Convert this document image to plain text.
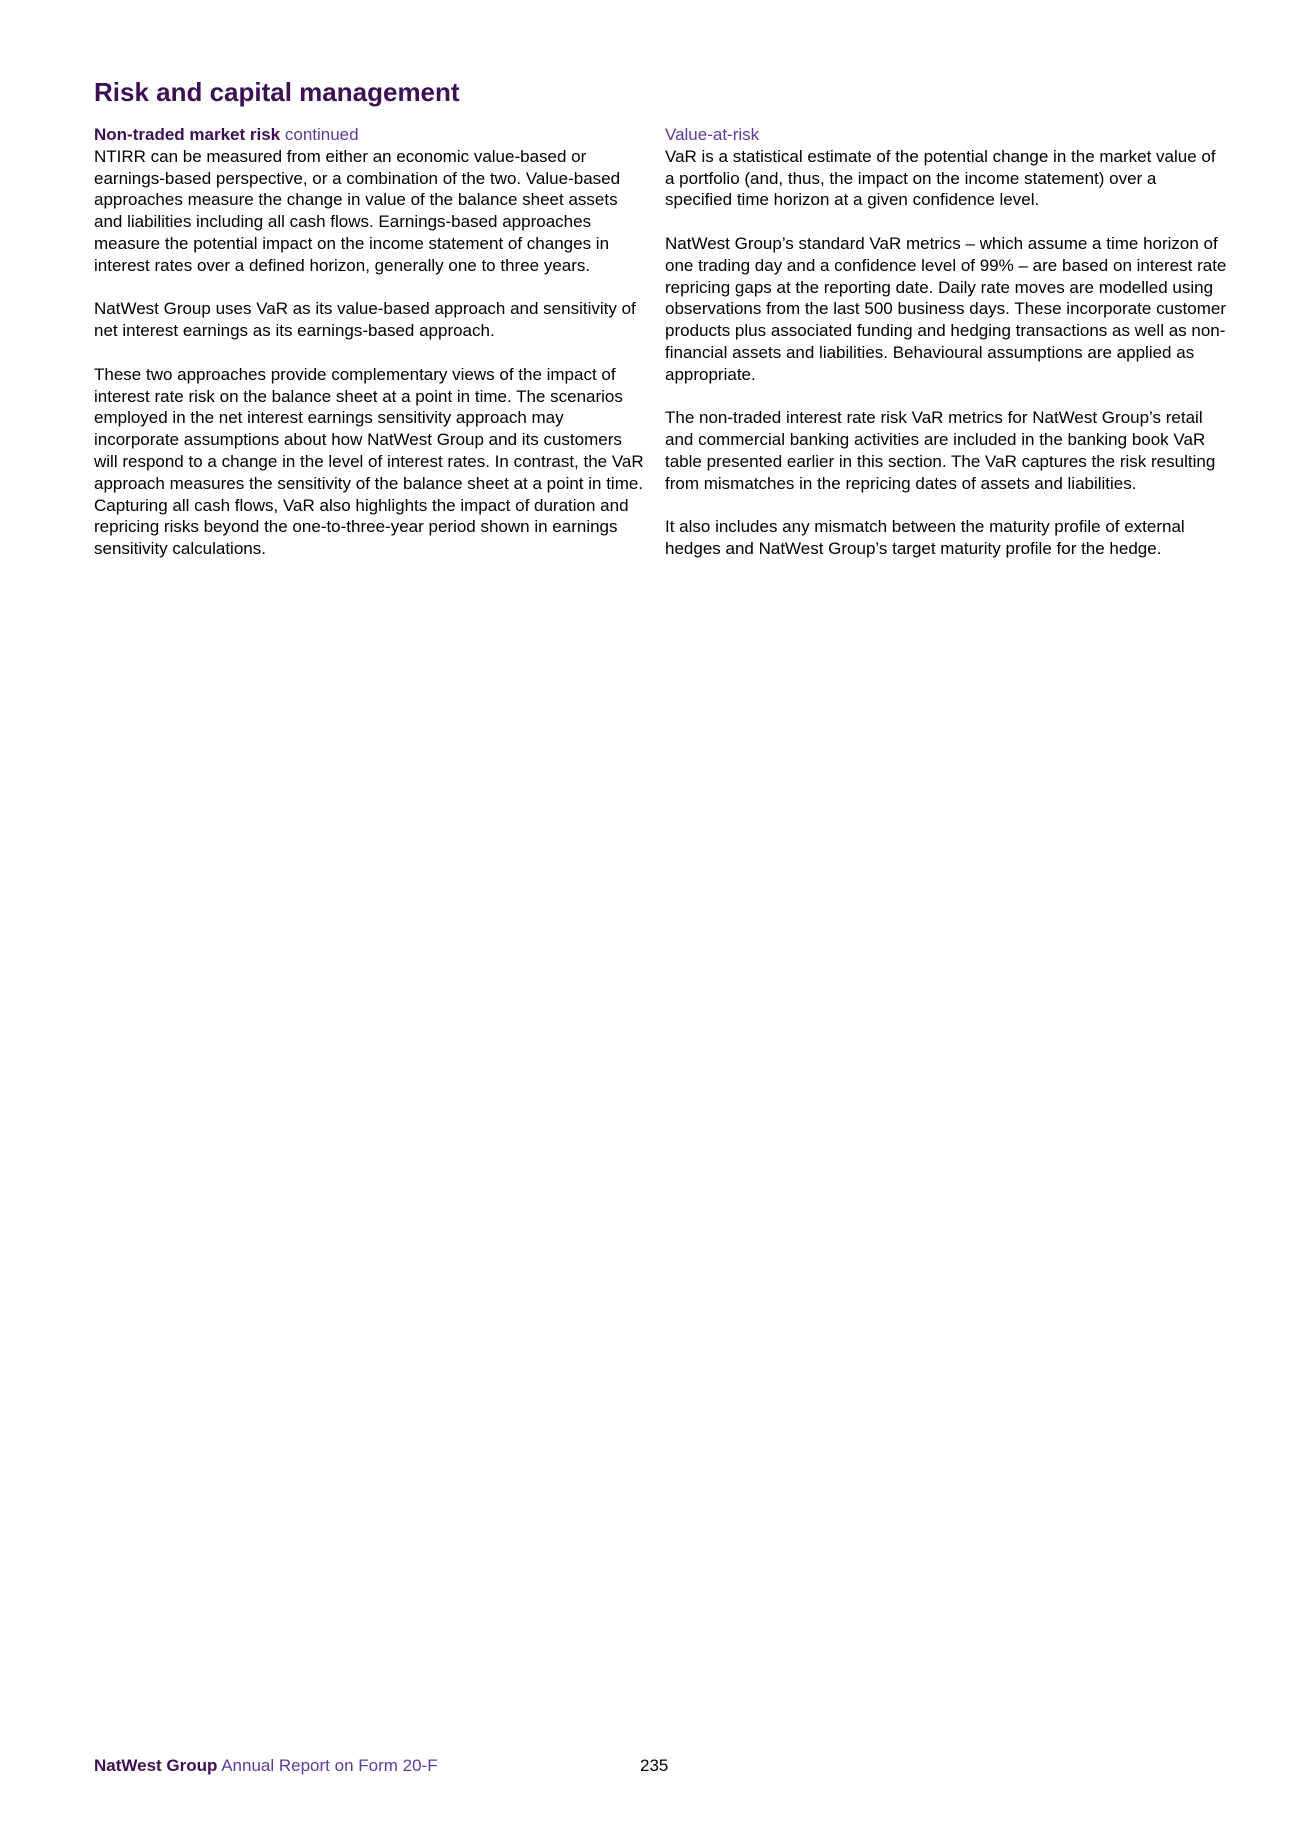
Risk and capital management
Non-traded market risk continued

NTIRR can be measured from either an economic value-based or earnings-based perspective, or a combination of the two. Value-based approaches measure the change in value of the balance sheet assets and liabilities including all cash flows. Earnings-based approaches measure the potential impact on the income statement of changes in interest rates over a defined horizon, generally one to three years.

NatWest Group uses VaR as its value-based approach and sensitivity of net interest earnings as its earnings-based approach.

These two approaches provide complementary views of the impact of interest rate risk on the balance sheet at a point in time. The scenarios employed in the net interest earnings sensitivity approach may incorporate assumptions about how NatWest Group and its customers will respond to a change in the level of interest rates. In contrast, the VaR approach measures the sensitivity of the balance sheet at a point in time. Capturing all cash flows, VaR also highlights the impact of duration and repricing risks beyond the one-to-three-year period shown in earnings sensitivity calculations.

Value-at-risk

VaR is a statistical estimate of the potential change in the market value of a portfolio (and, thus, the impact on the income statement) over a specified time horizon at a given confidence level.

NatWest Group’s standard VaR metrics – which assume a time horizon of one trading day and a confidence level of 99% – are based on interest rate repricing gaps at the reporting date. Daily rate moves are modelled using observations from the last 500 business days. These incorporate customer products plus associated funding and hedging transactions as well as non-financial assets and liabilities. Behavioural assumptions are applied as appropriate.

The non-traded interest rate risk VaR metrics for NatWest Group’s retail and commercial banking activities are included in the banking book VaR table presented earlier in this section. The VaR captures the risk resulting from mismatches in the repricing dates of assets and liabilities.

It also includes any mismatch between the maturity profile of external hedges and NatWest Group’s target maturity profile for the hedge.

NatWest Group Annual Report on Form 20-F	235
